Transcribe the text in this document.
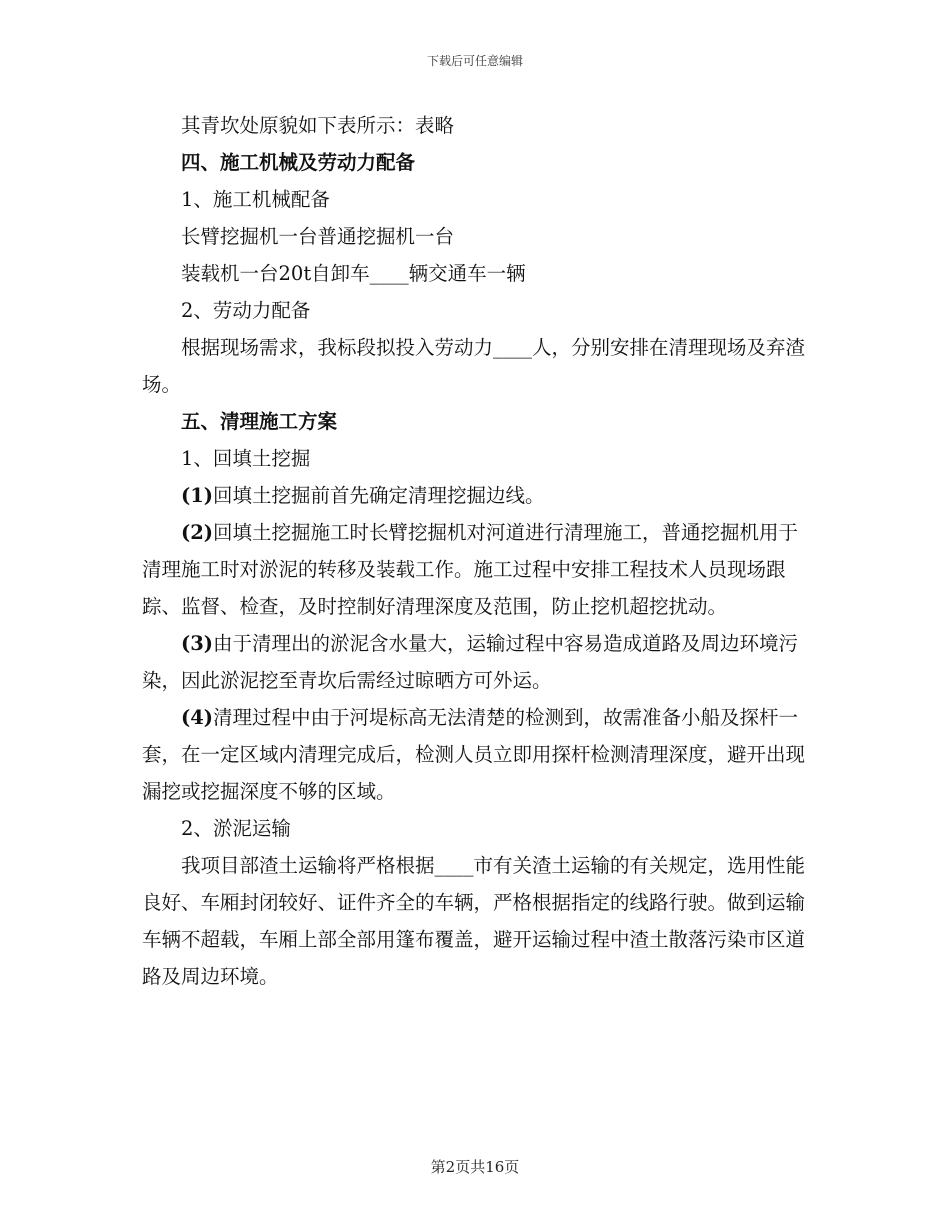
下载后可任意编辑

其青坎处原貌如下表所示：表略

四、施工机械及劳动力配备

1、施工机械配备

长臂挖掘机一台普通挖掘机一台

装载机一台20t自卸车____辆交通车一辆

2、劳动力配备

根据现场需求，我标段拟投入劳动力____人，分别安排在清理现场及弃渣场。

五、清理施工方案

1、回填土挖掘

(1)回填土挖掘前首先确定清理挖掘边线。

(2)回填土挖掘施工时长臂挖掘机对河道进行清理施工，普通挖掘机用于清理施工时对淤泥的转移及装载工作。施工过程中安排工程技术人员现场跟踪、监督、检查，及时控制好清理深度及范围，防止挖机超挖扰动。

(3)由于清理出的淤泥含水量大，运输过程中容易造成道路及周边环境污染，因此淤泥挖至青坎后需经过晾晒方可外运。

(4)清理过程中由于河堤标高无法清楚的检测到，故需准备小船及探杆一套，在一定区域内清理完成后，检测人员立即用探杆检测清理深度，避开出现漏挖或挖掘深度不够的区域。

2、淤泥运输

我项目部渣土运输将严格根据____市有关渣土运输的有关规定，选用性能良好、车厢封闭较好、证件齐全的车辆，严格根据指定的线路行驶。做到运输车辆不超载，车厢上部全部用篷布覆盖，避开运输过程中渣土散落污染市区道路及周边环境。

第2页共16页
